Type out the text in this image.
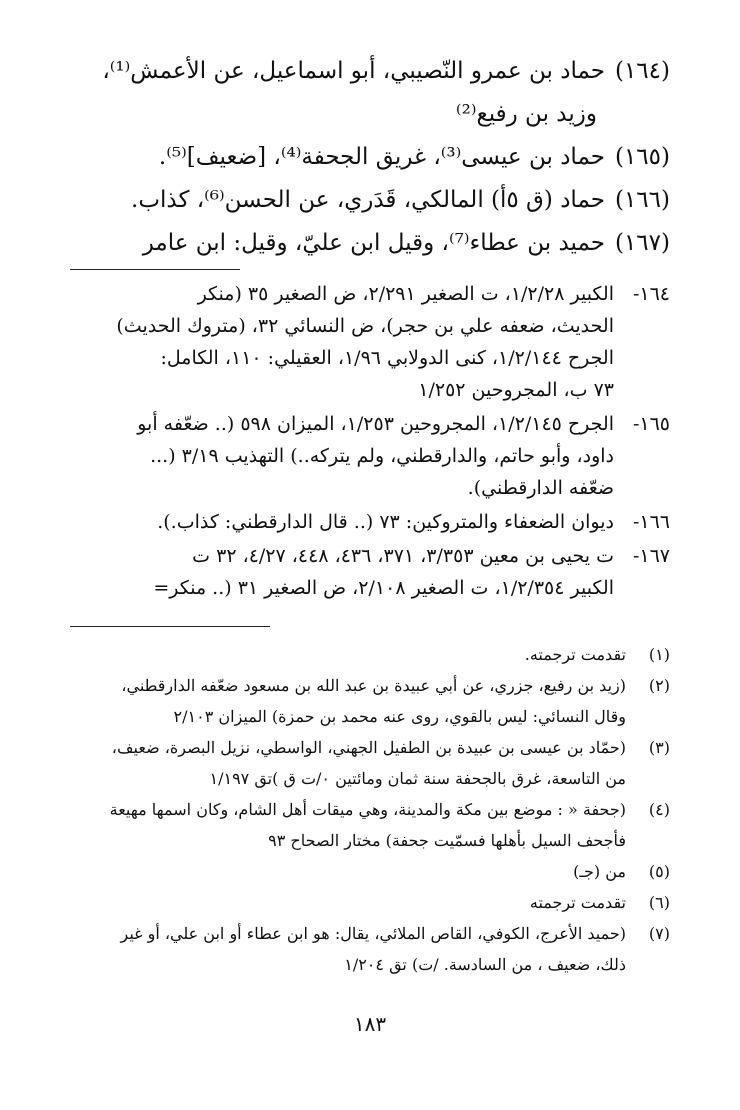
(١٦٤)
حماد بن عمرو النّصيبي، أبو اسماعيل، عن الأعمش⁽¹⁾،
وزيد بن رفيع⁽²⁾
(١٦٥)
حماد بن عيسى⁽³⁾، غريق الجحفة⁽⁴⁾، [ضعيف]⁽⁵⁾.
(١٦٦)
حماد (ق ٥أ) المالكي، قَدَري، عن الحسن⁽⁶⁾، كذاب.
(١٦٧)
حميد بن عطاء⁽⁷⁾، وقيل ابن عليّ، وقيل: ابن عامر
١٦٤-
الكبير ١/٢/٢٨، ت الصغير ٢/٢٩١، ض الصغير ٣٥ (منكر
الحديث، ضعفه علي بن حجر)، ض النسائي ٣٢، (متروك الحديث)
الجرح ١/٢/١٤٤، كنى الدولابي ١/٩٦، العقيلي: ١١٠، الكامل:
٧٣ ب، المجروحين ١/٢٥٢
١٦٥-
الجرح ١/٢/١٤٥، المجروحين ١/٢٥٣، الميزان ٥٩٨ (.. ضعّفه أبو
داود، وأبو حاتم، والدارقطني، ولم يتركه..) التهذيب ٣/١٩ (...
ضعّفه الدارقطني).
١٦٦-
ديوان الضعفاء والمتروكين: ٧٣ (.. قال الدارقطني: كذاب.).
١٦٧-
ت يحيى بن معين ٣/٣٥٣، ٣٧١، ٤٣٦، ٤٤٨، ٤/٢٧، ٣٢ ت
الكبير ١/٢/٣٥٤، ت الصغير ٢/١٠٨، ض الصغير ٣١ (.. منكر=
(١)
تقدمت ترجمته.
(٢)
(زيد بن رفيع، جزري، عن أبي عبيدة بن عبد الله بن مسعود ضعّفه الدارقطني،
وقال النسائي: ليس بالقوي، روى عنه محمد بن حمزة) الميزان ٢/١٠٣
(٣)
(حمّاد بن عيسى بن عبيدة بن الطفيل الجهني، الواسطي، نزيل البصرة، ضعيف،
من التاسعة، غرق بالجحفة سنة ثمان ومائتين ٠/ت ق )تق ١/١٩٧
(٤)
(جحفة « : موضع بين مكة والمدينة، وهي ميقات أهل الشام، وكان اسمها مهيعة
فأجحف السيل بأهلها فسمّيت جحفة) مختار الصحاح ٩٣
(٥)
من (جـ)
(٦)
تقدمت ترجمته
(٧)
(حميد الأعرج، الكوفي، القاص الملائي، يقال: هو ابن عطاء أو ابن علي، أو غير
ذلك، ضعيف ، من السادسة. /ت) تق ١/٢٠٤
١٨٣
